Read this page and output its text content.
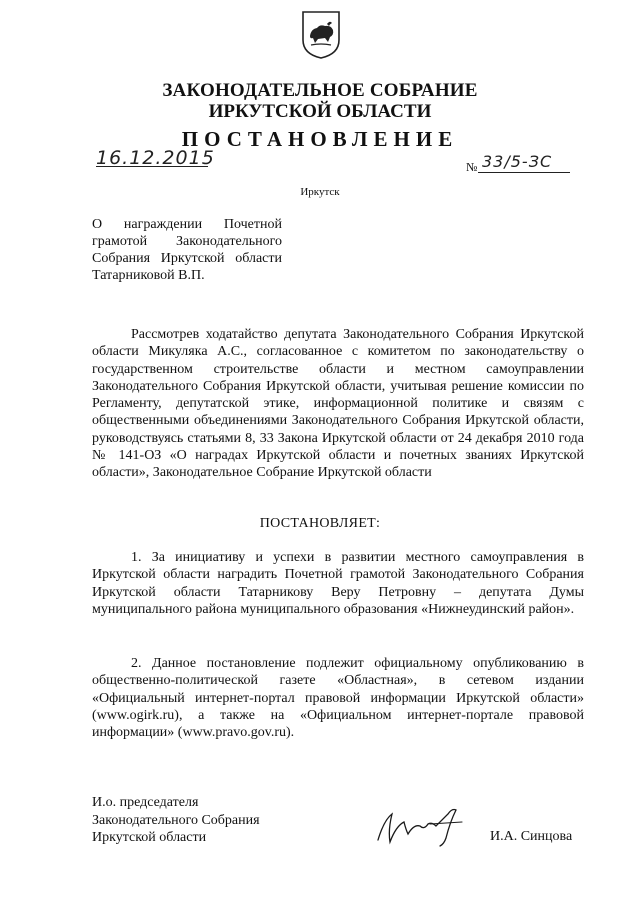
ЗАКОНОДАТЕЛЬНОЕ СОБРАНИЕ
ИРКУТСКОЙ ОБЛАСТИ
ПОСТАНОВЛЕНИЕ
16.12.2015	№ 33/5-ЗС
Иркутск
О награждении Почетной грамотой Законодательного Собрания Иркутской области Татарниковой В.П.

Рассмотрев ходатайство депутата Законодательного Собрания Иркутской области Микуляка А.С., согласованное с комитетом по законодательству о государственном строительстве области и местном самоуправлении Законодательного Собрания Иркутской области, учитывая решение комиссии по Регламенту, депутатской этике, информационной политике и связям с общественными объединениями Законодательного Собрания Иркутской области, руководствуясь статьями 8, 33 Закона Иркутской области от 24 декабря 2010 года № 141-ОЗ «О наградах Иркутской области и почетных званиях Иркутской области», Законодательное Собрание Иркутской области

ПОСТАНОВЛЯЕТ:

1. За инициативу и успехи в развитии местного самоуправления в Иркутской области наградить Почетной грамотой Законодательного Собрания Иркутской области Татарникову Веру Петровну – депутата Думы муниципального района муниципального образования «Нижнеудинский район».

2. Данное постановление подлежит официальному опубликованию в общественно-политической газете «Областная», в сетевом издании «Официальный интернет-портал правовой информации Иркутской области» (www.ogirk.ru), а также на «Официальном интернет-портале правовой информации» (www.pravo.gov.ru).

И.о. председателя
Законодательного Собрания
Иркутской области	И.А. Синцова
